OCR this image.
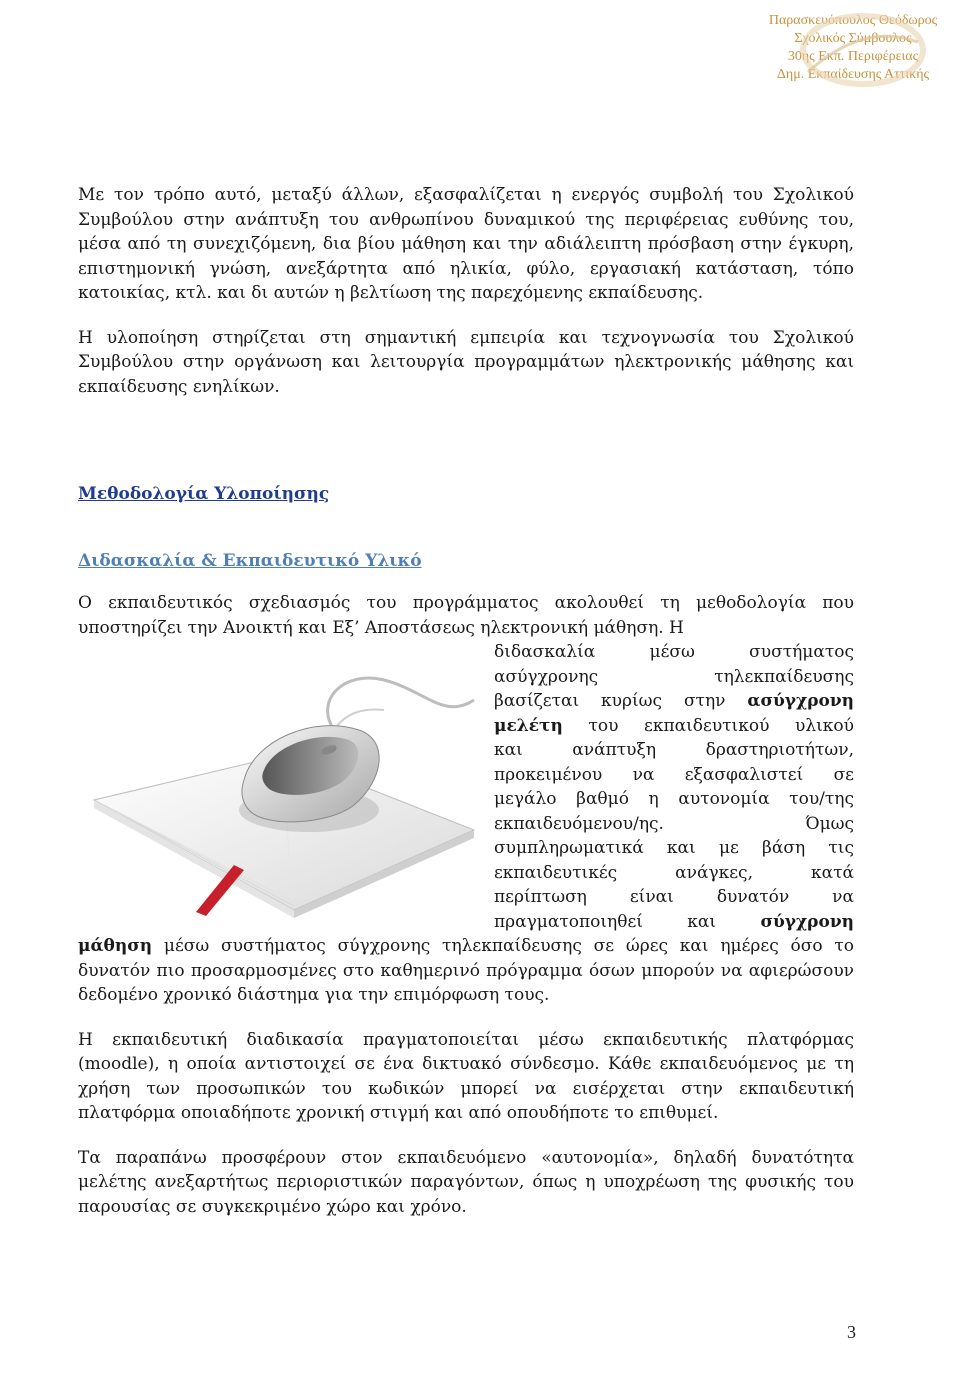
Παρασκευόπουλος Θεόδωρος
Σχολικός Σύμβουλος
30ης Εκπ. Περιφέρειας
Δημ. Εκπαίδευσης Αττικής

Με τον τρόπο αυτό, μεταξύ άλλων, εξασφαλίζεται η ενεργός συμβολή του Σχολικού Συμβούλου στην ανάπτυξη του ανθρωπίνου δυναμικού της περιφέρειας ευθύνης του, μέσα από τη συνεχιζόμενη, δια βίου μάθηση και την αδιάλειπτη πρόσβαση στην έγκυρη, επιστημονική γνώση, ανεξάρτητα από ηλικία, φύλο, εργασιακή κατάσταση, τόπο κατοικίας, κτλ. και δι αυτών η βελτίωση της παρεχόμενης εκπαίδευσης.

Η υλοποίηση στηρίζεται στη σημαντική εμπειρία και τεχνογνωσία του Σχολικού Συμβούλου στην οργάνωση και λειτουργία προγραμμάτων ηλεκτρονικής μάθησης και εκπαίδευσης ενηλίκων.

Μεθοδολογία Υλοποίησης
Διδασκαλία & Εκπαιδευτικό Υλικό

Ο εκπαιδευτικός σχεδιασμός του προγράμματος ακολουθεί τη μεθοδολογία που υποστηρίζει την Ανοικτή και Εξ’ Αποστάσεως ηλεκτρονική μάθηση. Η

διδασκαλία μέσω συστήματος

ασύγχρονης τηλεκπαίδευσης

βασίζεται κυρίως στην ασύγχρονη

μελέτη του εκπαιδευτικού υλικού

και ανάπτυξη δραστηριοτήτων,

προκειμένου να εξασφαλιστεί σε

μεγάλο βαθμό η αυτονομία του/της

εκπαιδευόμενου/ης. Όμως

συμπληρωματικά και με βάση τις

εκπαιδευτικές ανάγκες, κατά

περίπτωση είναι δυνατόν να

πραγματοποιηθεί και	σύγχρονη

μάθηση μέσω συστήματος σύγχρονης τηλεκπαίδευσης σε ώρες και ημέρες όσο το δυνατόν πιο προσαρμοσμένες στο καθημερινό πρόγραμμα όσων μπορούν να αφιερώσουν δεδομένο χρονικό διάστημα για την επιμόρφωση τους.

Η εκπαιδευτική διαδικασία πραγματοποιείται μέσω εκπαιδευτικής πλατφόρμας (moodle), η οποία αντιστοιχεί σε ένα δικτυακό σύνδεσμο. Κάθε εκπαιδευόμενος με τη χρήση των προσωπικών του κωδικών μπορεί να εισέρχεται στην εκπαιδευτική πλατφόρμα οποιαδήποτε χρονική στιγμή και από οπουδήποτε το επιθυμεί.

Τα παραπάνω προσφέρουν στον εκπαιδευόμενο «αυτονομία», δηλαδή δυνατότητα μελέτης ανεξαρτήτως περιοριστικών παραγόντων, όπως η υποχρέωση της φυσικής του παρουσίας σε συγκεκριμένο χώρο και χρόνο.

3
